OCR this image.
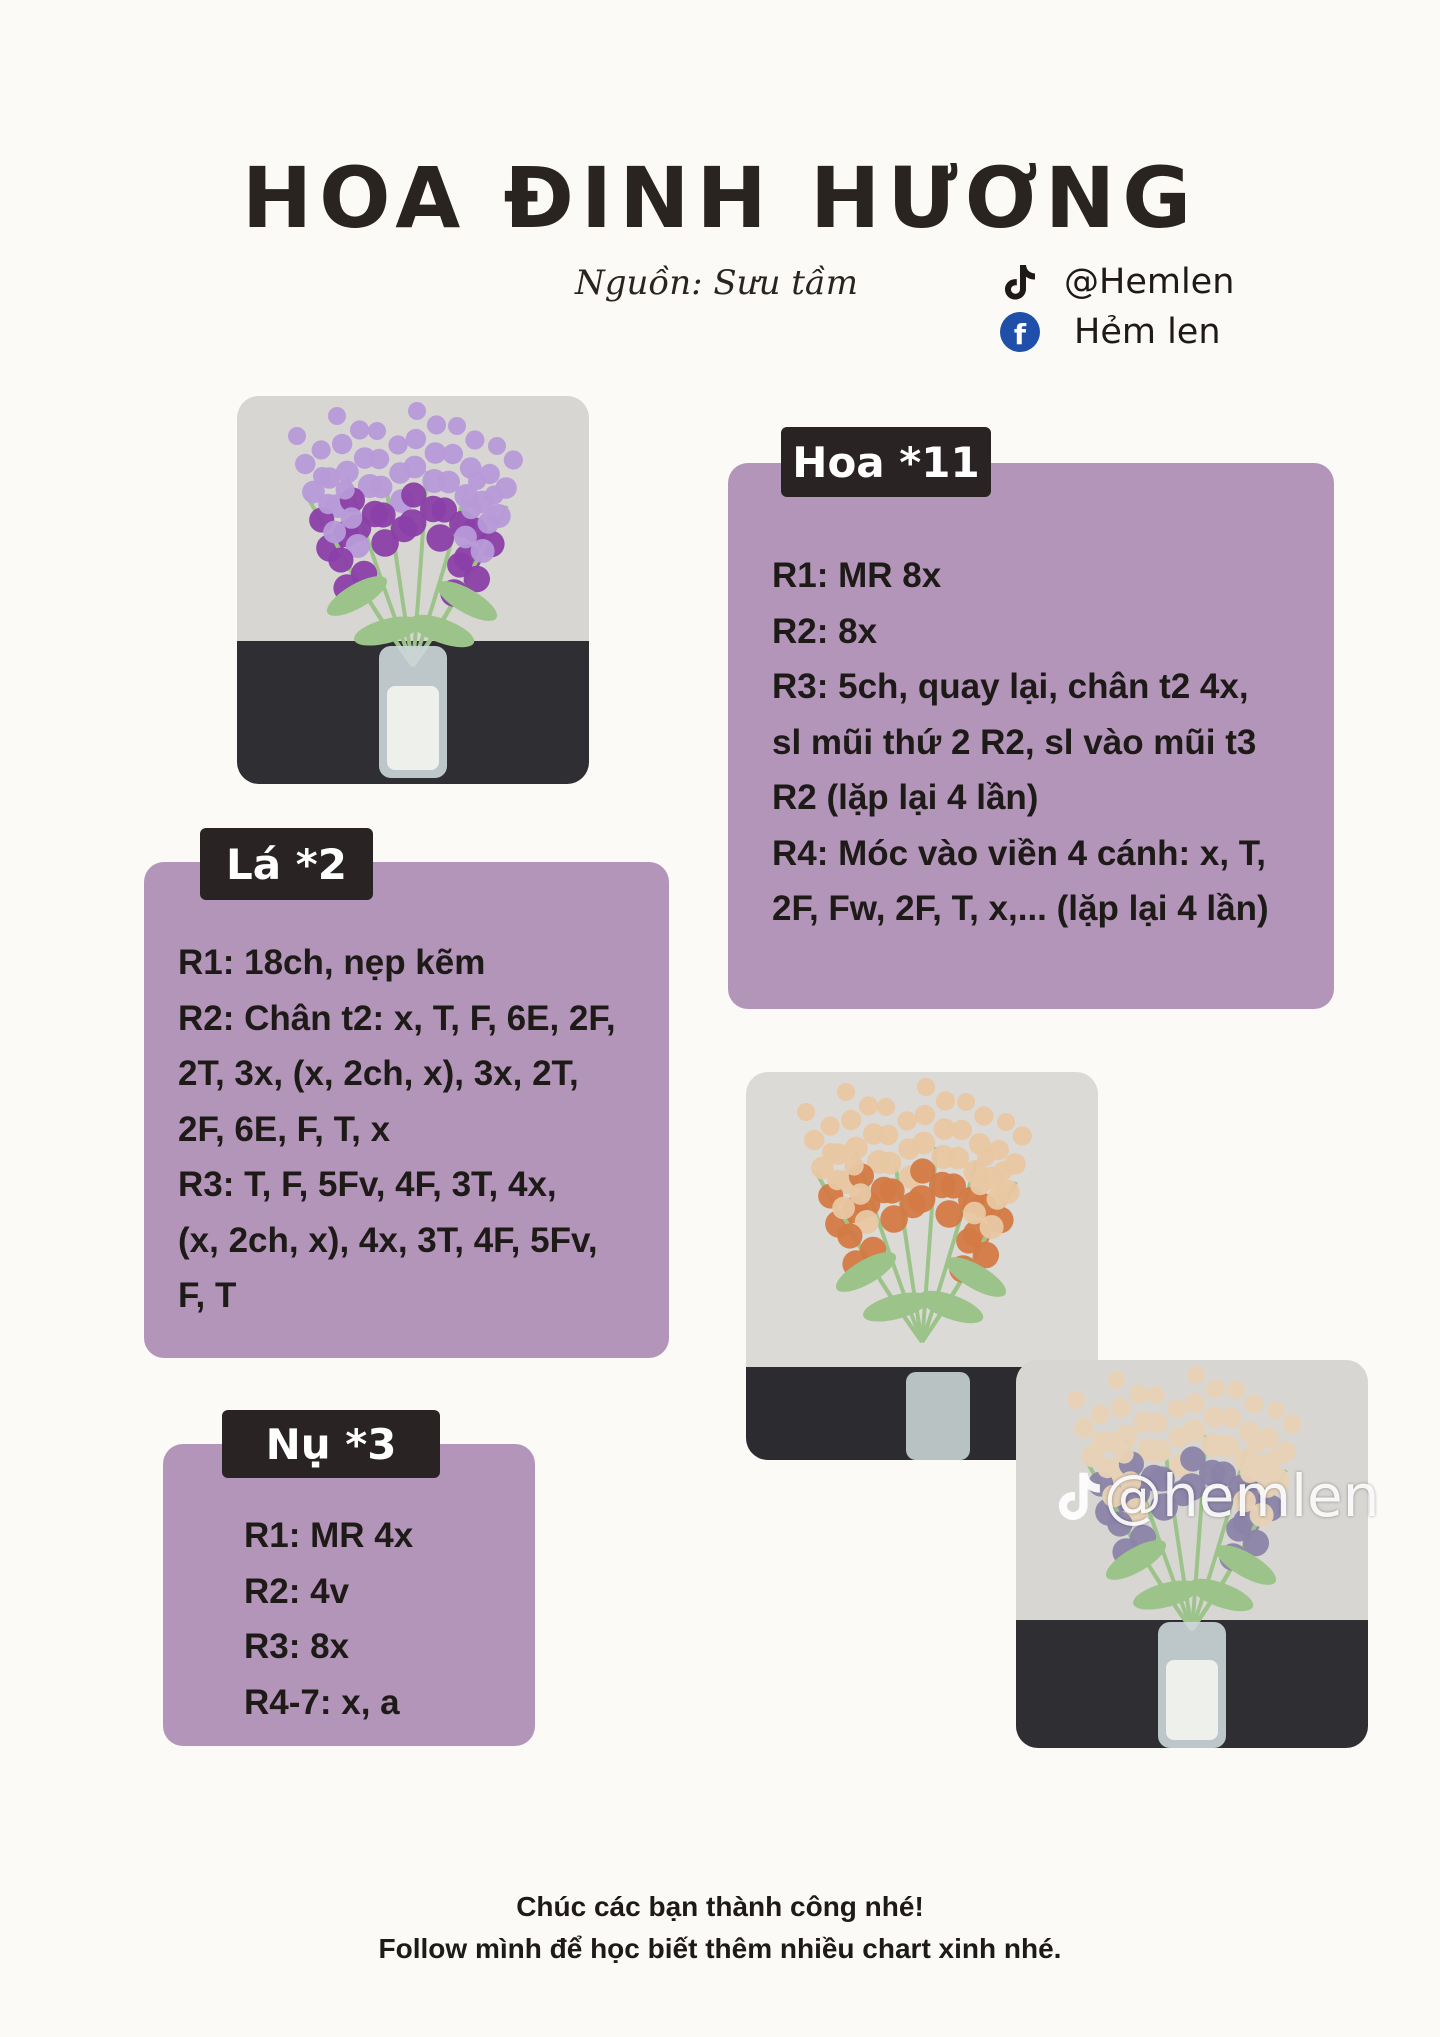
HOA ĐINH HƯƠNG
Nguồn: Sưu tầm	@Hemlen
f Hẻm len
Hoa *11
R1: MR 8x
R2: 8x
R3: 5ch, quay lại, chân t2 4x,
sl mũi thứ 2 R2, sl vào mũi t3
R2 (lặp lại 4 lần)
R4: Móc vào viền 4 cánh: x, T,
2F, Fw, 2F, T, x,... (lặp lại 4 lần)
Lá *2
R1: 18ch, nẹp kẽm
R2: Chân t2: x, T, F, 6E, 2F,
2T, 3x, (x, 2ch, x), 3x, 2T,
2F, 6E, F, T, x
R3: T, F, 5Fv, 4F, 3T, 4x,
(x, 2ch, x), 4x, 3T, 4F, 5Fv,
F, T
Nụ *3
R1: MR 4x
R2: 4v
R3: 8x
R4-7: x, a
@hemlen
Chúc các bạn thành công nhé!
Follow mình để học biết thêm nhiều chart xinh nhé.
